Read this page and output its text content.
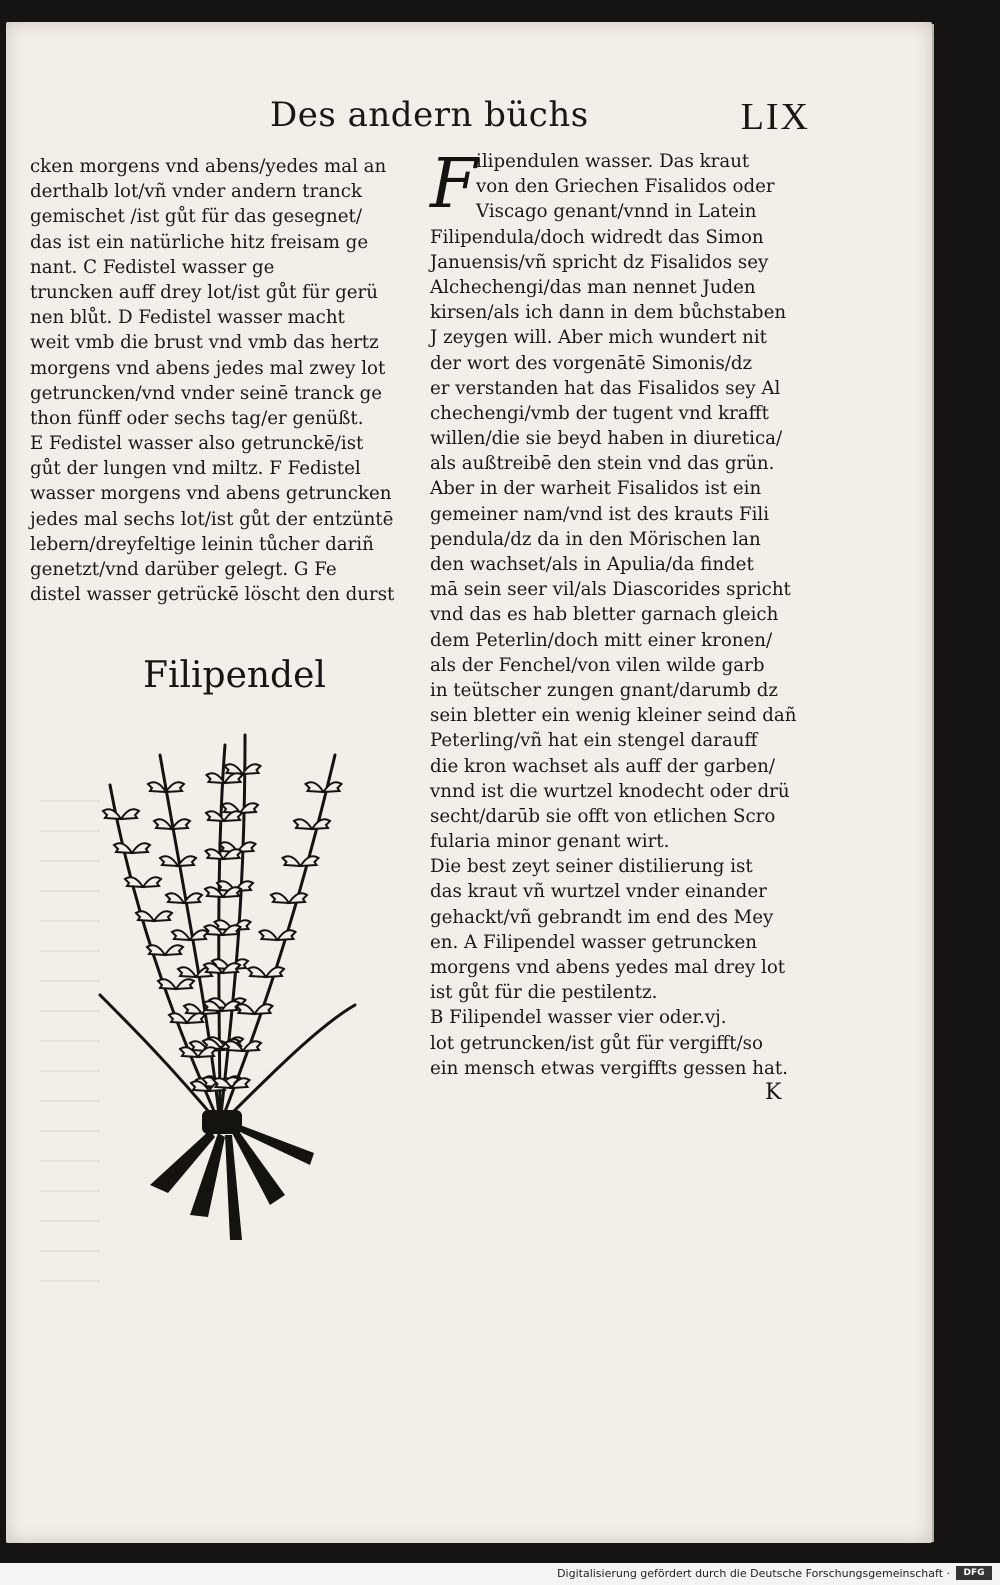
Des andern büchs	LIX
cken morgens vnd abens/yedes mal an
derthalb lot/vñ vnder andern tranck
gemischet /ist gůt für das gesegnet/
das ist ein natürliche hitz freisam ge
nant. C Fedistel wasser ge
truncken auff drey lot/ist gůt für gerü
nen blůt. D Fedistel wasser macht
weit vmb die brust vnd vmb das hertz
morgens vnd abens jedes mal zwey lot
getruncken/vnd vnder seinē tranck ge
thon fünff oder sechs tag/er genüßt.
E Fedistel wasser also getrunckē/ist
gůt der lungen vnd miltz. F Fedistel
wasser morgens vnd abens getruncken
jedes mal sechs lot/ist gůt der entzüntē
lebern/dreyfeltige leinin tůcher dariñ
genetzt/vnd darüber gelegt. G Fe
distel wasser getrückē löscht den durst
F
ilipendulen wasser. Das kraut
von den Griechen Fisalidos oder
Viscago genant/vnnd in Latein
Filipendula/doch widredt das Simon
Januensis/vñ spricht dz Fisalidos sey
Alchechengi/das man nennet Juden
kirsen/als ich dann in dem bůchstaben
J zeygen will. Aber mich wundert nit
der wort des vorgenātē Simonis/dz
er verstanden hat das Fisalidos sey Al
chechengi/vmb der tugent vnd krafft
willen/die sie beyd haben in diuretica/
als außtreibē den stein vnd das grün.
Aber in der warheit Fisalidos ist ein
gemeiner nam/vnd ist des krauts Fili
pendula/dz da in den Mörischen lan
den wachset/als in Apulia/da findet
mā sein seer vil/als Diascorides spricht
vnd das es hab bletter garnach gleich
dem Peterlin/doch mitt einer kronen/
als der Fenchel/von vilen wilde garb
in teütscher zungen gnant/darumb dz
sein bletter ein wenig kleiner seind dañ
Peterling/vñ hat ein stengel darauff
die kron wachset als auff der garben/
vnnd ist die wurtzel knodecht oder drü
secht/darūb sie offt von etlichen Scro
fularia minor genant wirt.
Die best zeyt seiner distilierung ist
das kraut vñ wurtzel vnder einander
gehackt/vñ gebrandt im end des Mey
en. A Filipendel wasser getruncken
morgens vnd abens yedes mal drey lot
ist gůt für die pestilentz.
B Filipendel wasser vier oder.vj.
lot getruncken/ist gůt für vergifft/so
ein mensch etwas vergiffts gessen hat.
K
Filipendel
Digitalisierung gefördert durch die Deutsche Forschungsgemeinschaft ·	DFG
